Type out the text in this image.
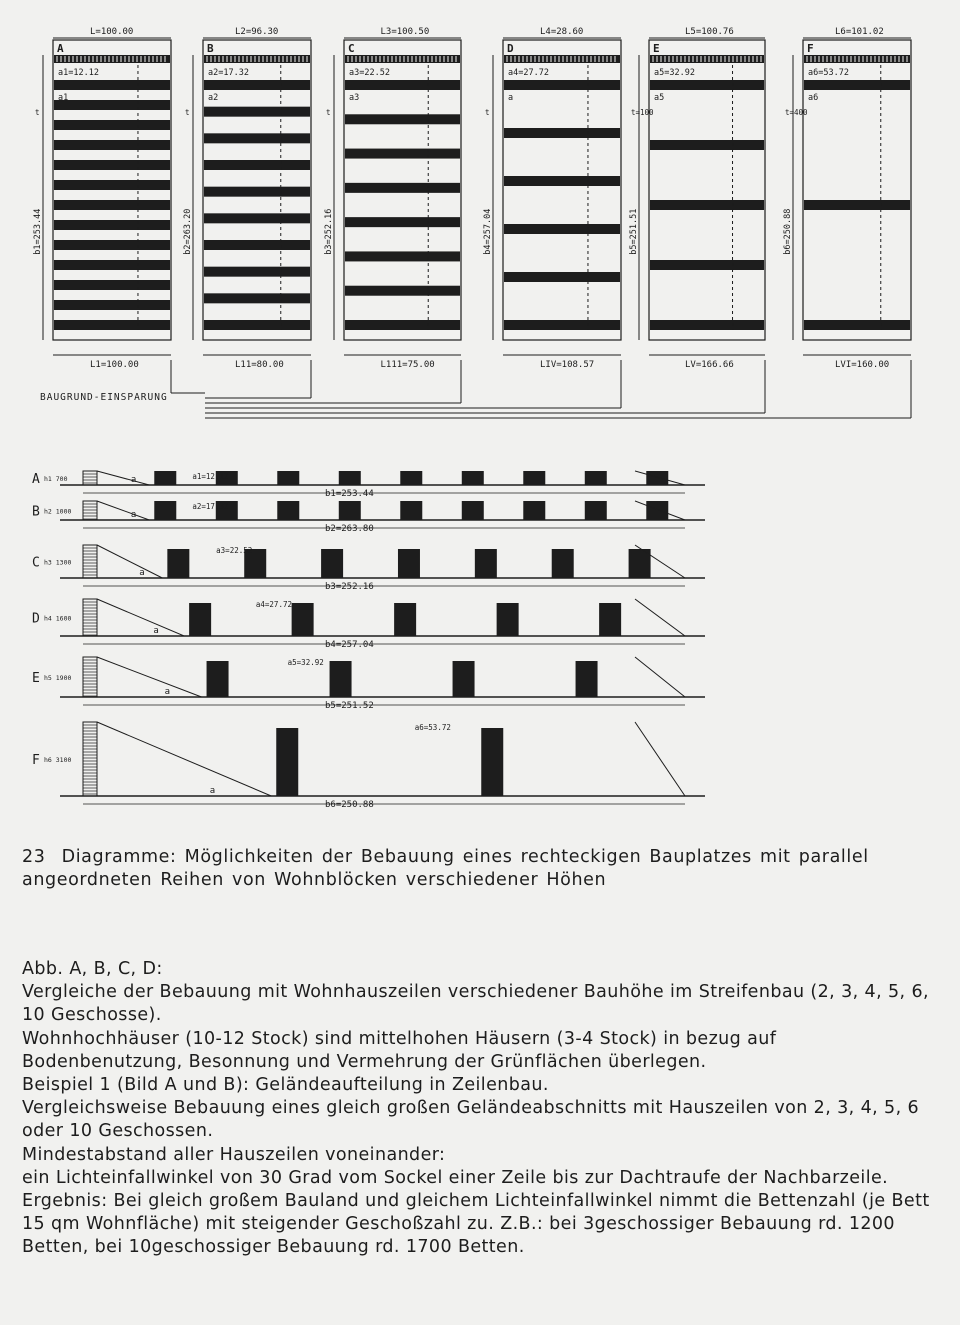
L=100.00
A
a1=12.12
a1
t
b1=253.44
L1=100.00
L2=96.30
B
a2=17.32
a2
t
b2=263.20
L11=80.00
L3=100.50
C
a3=22.52
a3
t
b3=252.16
L111=75.00
L4=28.60
D
a4=27.72
a
t
b4=257.04
LIV=108.57
L5=100.76
E
a5=32.92
a5
t=100
b5=251.51
LV=166.66
L6=101.02
F
a6=53.72
a6
t=400
b6=250.88
LVI=160.00
BAUGRUND-EINSPARUNG
A h1 700	a	a1=12.12
b1=253.44
B h2 1000	a
a2=17.32
b2=263.80
C h3 1300
a
a3=22.52
b3=252.16
D h4 1600
a
a4=27.72
b4=257.04
E h5 1900
a
a5=32.92
b5=251.52
F h6 3100
a
a6=53.72
b6=250.88
23 Diagramme: Möglichkeiten der Bebauung eines rechteckigen Bauplatzes mit parallel angeordneten Reihen von Wohnblöcken verschiedener Höhen

Abb. A, B, C, D:

Vergleiche der Bebauung mit Wohnhauszeilen verschiedener Bauhöhe im Streifenbau (2, 3, 4, 5, 6, 10 Geschosse).

Wohnhochhäuser (10-12 Stock) sind mittelhohen Häusern (3-4 Stock) in bezug auf Bodenbenutzung, Besonnung und Vermehrung der Grünflächen überlegen.

Beispiel 1 (Bild A und B): Geländeaufteilung in Zeilenbau.

Vergleichsweise Bebauung eines gleich großen Geländeabschnitts mit Hauszeilen von 2, 3, 4, 5, 6 oder 10 Geschossen.

Mindestabstand aller Hauszeilen voneinander:

ein Lichteinfallwinkel von 30 Grad vom Sockel einer Zeile bis zur Dachtraufe der Nachbarzeile.

Ergebnis: Bei gleich großem Bauland und gleichem Lichteinfallwinkel nimmt die Bettenzahl (je Bett 15 qm Wohnfläche) mit steigender Geschoßzahl zu. Z.B.: bei 3geschossiger Bebauung rd. 1200 Betten, bei 10geschossiger Bebauung rd. 1700 Betten.
